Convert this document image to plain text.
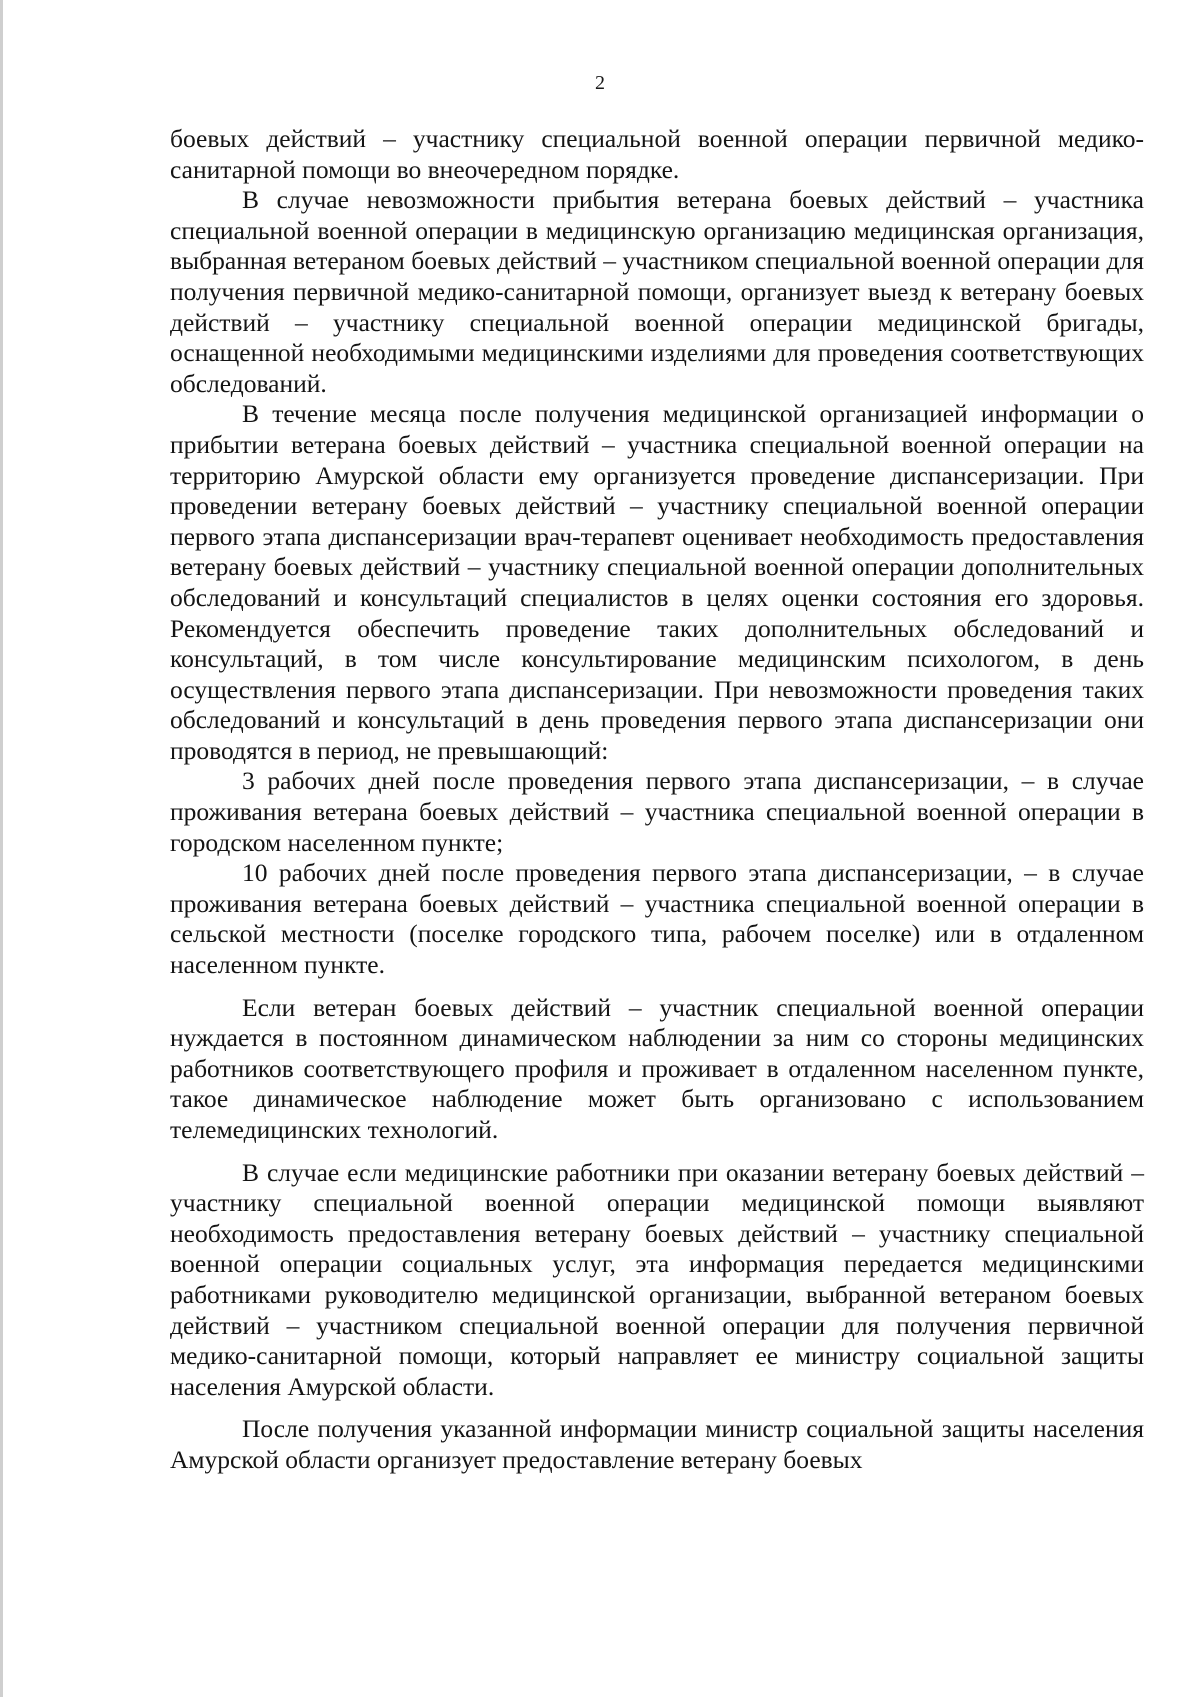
2

боевых действий – участнику специальной военной операции первичной медико-санитарной помощи во внеочередном порядке.

В случае невозможности прибытия ветерана боевых действий – участника специальной военной операции в медицинскую организацию медицинская организация, выбранная ветераном боевых действий – участником специальной военной операции для получения первичной медико-санитарной помощи, организует выезд к ветерану боевых действий – участнику специальной военной операции медицинской бригады, оснащенной необходимыми медицинскими изделиями для проведения соответствующих обследований.

В течение месяца после получения медицинской организацией информации о прибытии ветерана боевых действий – участника специальной военной операции на территорию Амурской области ему организуется проведение диспансеризации. При проведении ветерану боевых действий – участнику специальной военной операции первого этапа диспансеризации врач-терапевт оценивает необходимость предоставления ветерану боевых действий – участнику специальной военной операции дополнительных обследований и консультаций специалистов в целях оценки состояния его здоровья. Рекомендуется обеспечить проведение таких дополнительных обследований и консультаций, в том числе консультирование медицинским психологом, в день осуществления первого этапа диспансеризации. При невозможности проведения таких обследований и консультаций в день проведения первого этапа диспансеризации они проводятся в период, не превышающий:

3 рабочих дней после проведения первого этапа диспансеризации, – в случае проживания ветерана боевых действий – участника специальной военной операции в городском населенном пункте;

10 рабочих дней после проведения первого этапа диспансеризации, – в случае проживания ветерана боевых действий – участника специальной военной операции в сельской местности (поселке городского типа, рабочем поселке) или в отдаленном населенном пункте.

Если ветеран боевых действий – участник специальной военной операции нуждается в постоянном динамическом наблюдении за ним со стороны медицинских работников соответствующего профиля и проживает в отдаленном населенном пункте, такое динамическое наблюдение может быть организовано с использованием телемедицинских технологий.

В случае если медицинские работники при оказании ветерану боевых действий – участнику специальной военной операции медицинской помощи выявляют необходимость предоставления ветерану боевых действий – участнику специальной военной операции социальных услуг, эта информация передается медицинскими работниками руководителю медицинской организации, выбранной ветераном боевых действий – участником специальной военной операции для получения первичной медико-санитарной помощи, который направляет ее министру социальной защиты населения Амурской области.

После получения указанной информации министр социальной защиты населения Амурской области организует предоставление ветерану боевых
